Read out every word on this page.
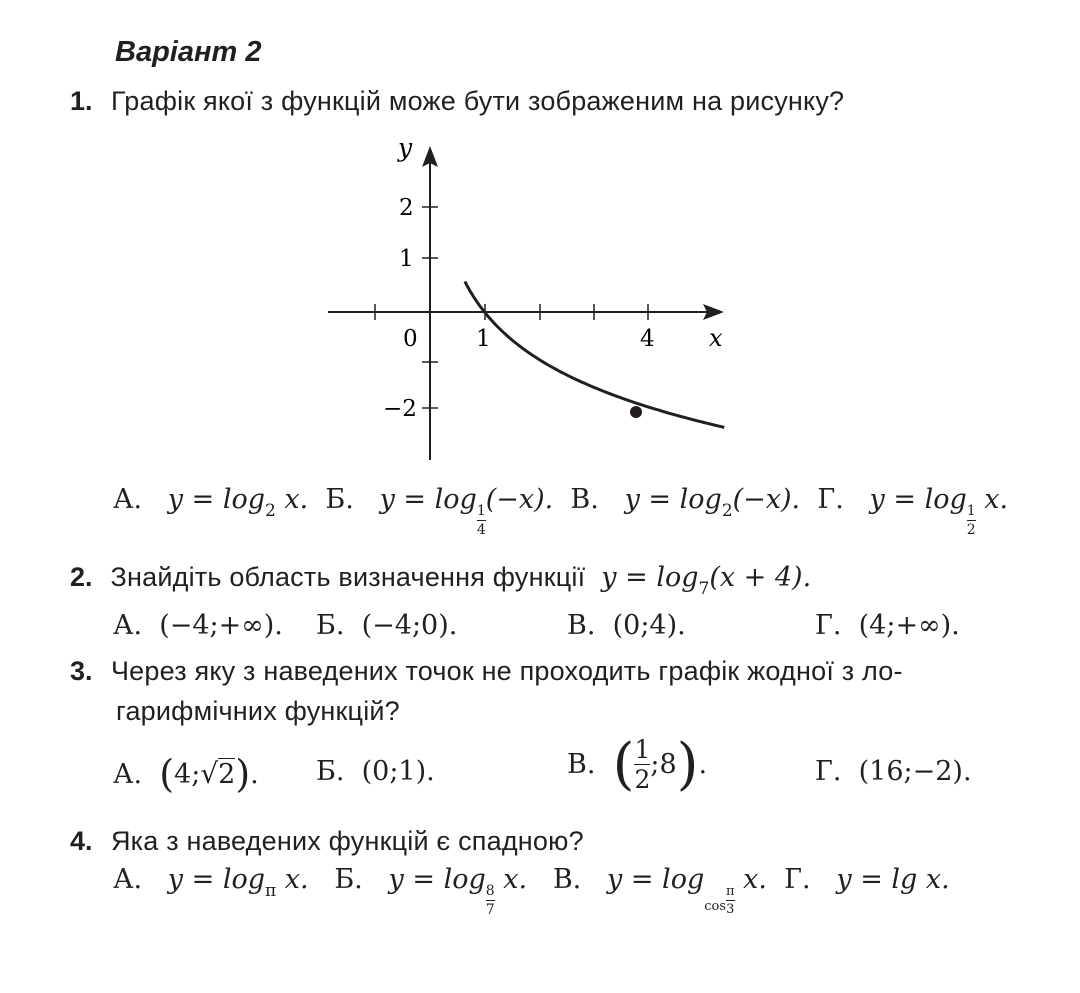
Варіант 2
1. Графік якої з функцій може бути зображеним на рисунку?
y
x
0	1	4
2
1
−2
А. $y = \log_2 x$. Б. y = log
$\frac{1}{4}$
(−x). В. $y = \log_2(-x)$. Г. y = log
$\frac{1}{2}$
x.
2. Знайдіть область визначення функції $y = \log_7(x + 4)$.
А. (−4;+∞). Б. (−4;0).	В. (0;4).	Г. (4;+∞).
3. Через яку з наведених точок не проходить графік жодної з ло-
гарифмічних функцій?
А. (4;√2). Б. (0;1).	В. ( $\frac{1}{2}$ ;8).	Г. (16;−2).
4. Яка з наведених функцій є спадною?
А. $y = \log_\pi x$. Б. y = log
$\frac{8}{7}$
x. В. $y = \log_{cos} \frac{\pi}{3}$
x. Г. y = lg x.
